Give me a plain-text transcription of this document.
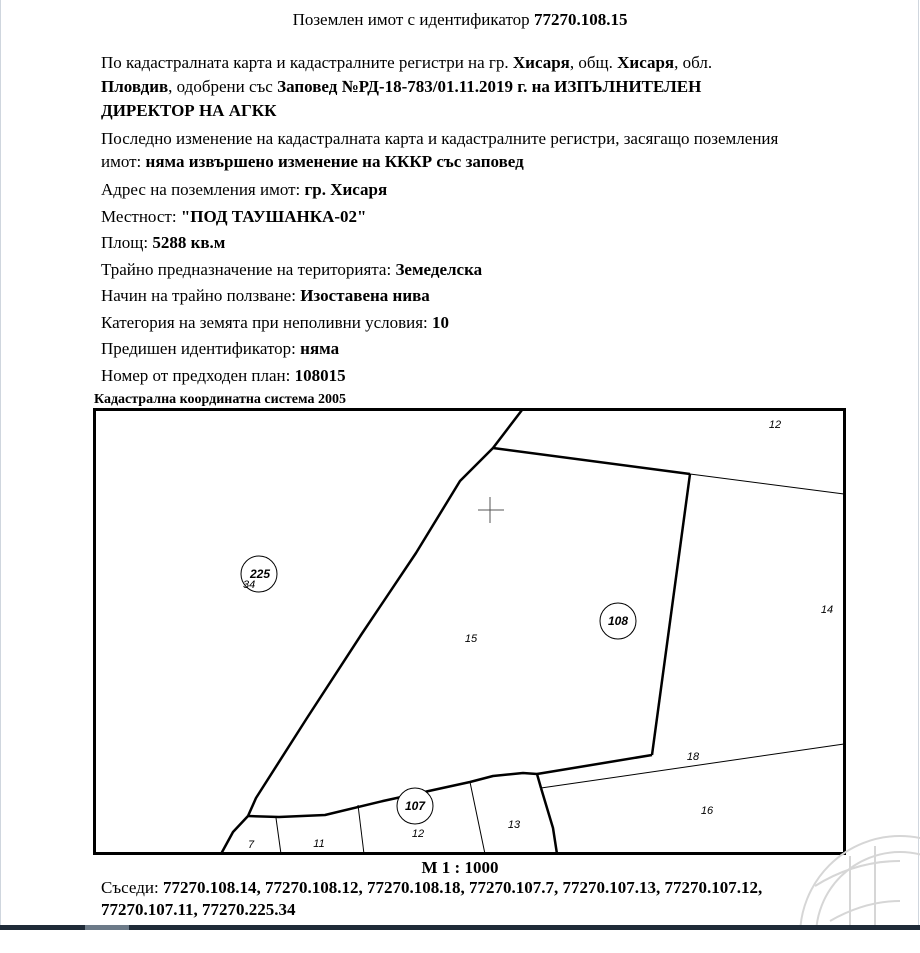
Поземлен имот с идентификатор 77270.108.15
По кадастралната карта и кадастралните регистри на гр. Хисаря, общ. Хисаря, обл.
Пловдив, одобрени със Заповед №РД-18-783/01.11.2019 г. на ИЗПЪЛНИТЕЛЕН
ДИРЕКТОР НА АГКК
Последно изменение на кадастралната карта и кадастралните регистри, засягащо поземления
имот: няма извършено изменение на КККР със заповед
Адрес на поземления имот: гр. Хисаря
Местност: "ПОД ТАУШАНКА-02"
Площ: 5288 кв.м
Трайно предназначение на територията: Земеделска
Начин на трайно ползване: Изоставена нива
Категория на земята при неполивни условия: 10
Предишен идентификатор: няма
Номер от предходен план: 108015
Кадастрална координатна система 2005
225
34
108
107
12
14
15
18
16
7	11
12
13
М 1 : 1000
Съседи: 77270.108.14, 77270.108.12, 77270.108.18, 77270.107.7, 77270.107.13, 77270.107.12,
77270.107.11, 77270.225.34
